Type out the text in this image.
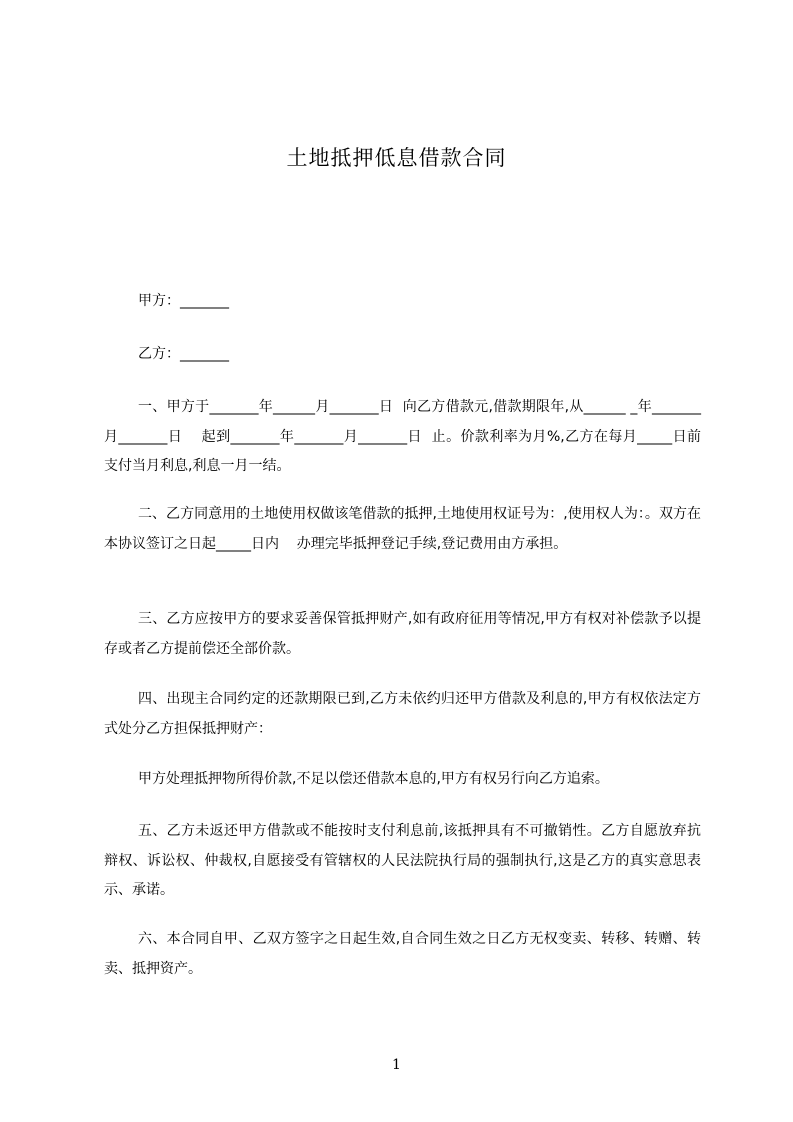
土地抵押低息借款合同
甲方：_______
乙方：_______
一、甲方于_______年______月_______日  向乙方借款元,借款期限年,从______ _年_______月_______日    起到_______年_______月_______日  止。价款利率为月%,乙方在每月_____日前支付当月利息,利息一月一结。
二、乙方同意用的土地使用权做该笔借款的抵押,土地使用权证号为：,使用权人为：。双方在本协议签订之日起_____日内    办理完毕抵押登记手续,登记费用由方承担。
三、乙方应按甲方的要求妥善保管抵押财产,如有政府征用等情况,甲方有权对补偿款予以提存或者乙方提前偿还全部价款。
四、出现主合同约定的还款期限已到,乙方未依约归还甲方借款及利息的,甲方有权依法定方式处分乙方担保抵押财产：
甲方处理抵押物所得价款,不足以偿还借款本息的,甲方有权另行向乙方追索。
五、乙方未返还甲方借款或不能按时支付利息前,该抵押具有不可撤销性。乙方自愿放弃抗辩权、诉讼权、仲裁权,自愿接受有管辖权的人民法院执行局的强制执行,这是乙方的真实意思表示、承诺。
六、本合同自甲、乙双方签字之日起生效,自合同生效之日乙方无权变卖、转移、转赠、转卖、抵押资产。
1
